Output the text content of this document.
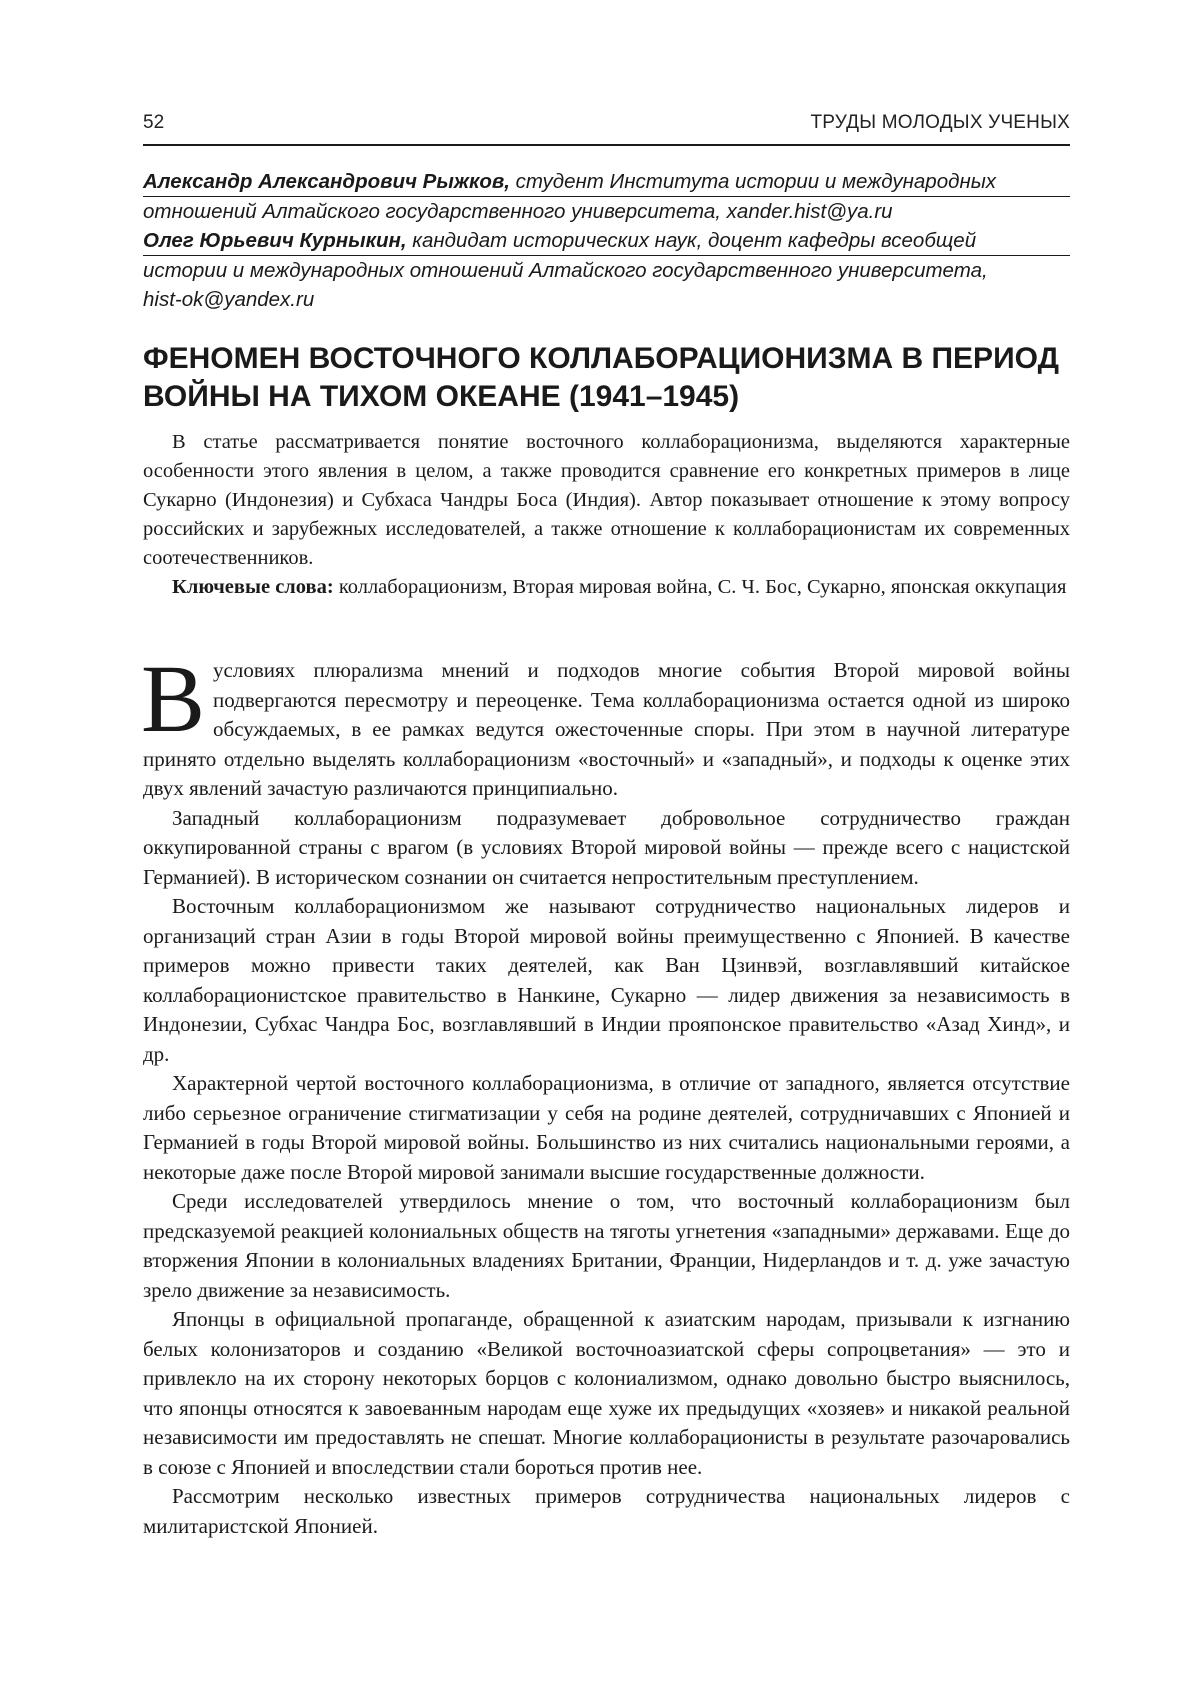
52	ТРУДЫ МОЛОДЫХ УЧЕНЫХ
Александр Александрович Рыжков, студент Института истории и международных
отношений Алтайского государственного университета, xander.hist@ya.ru
Олег Юрьевич Курныкин, кандидат исторических наук, доцент кафедры всеобщей
истории и международных отношений Алтайского государственного университета,
hist-ok@yandex.ru
ФЕНОМЕН ВОСТОЧНОГО КОЛЛАБОРАЦИОНИЗМА В ПЕРИОД
ВОЙНЫ НА ТИХОМ ОКЕАНЕ (1941–1945)

В статье рассматривается понятие восточного коллаборационизма, выделяются характерные особенности этого явления в целом, а также проводится сравнение его конкретных примеров в лице Сукарно (Индонезия) и Субхаса Чандры Боса (Индия). Автор показывает отношение к этому вопросу российских и зарубежных исследователей, а также отношение к коллаборационистам их современных соотечественников.

Ключевые слова: коллаборационизм, Вторая мировая война, С. Ч. Бос, Сукарно, японская оккупация

Вусловиях плюрализма мнений и подходов многие события Второй мировой войны подвергаются пересмотру и переоценке. Тема коллаборационизма остается одной из широко обсуждаемых, в ее рамках ведутся ожесточенные споры. При этом в научной литературе принято отдельно выделять коллаборационизм «восточный» и «западный», и подходы к оценке этих двух явлений зачастую различаются принципиально.

Западный коллаборационизм подразумевает добровольное сотрудничество граждан оккупированной страны с врагом (в условиях Второй мировой войны — прежде всего с нацистской Германией). В историческом сознании он считается непростительным преступлением.

Восточным коллаборационизмом же называют сотрудничество национальных лидеров и организаций стран Азии в годы Второй мировой войны преимущественно с Японией. В качестве примеров можно привести таких деятелей, как Ван Цзинвэй, возглавлявший китайское коллаборационистское правительство в Нанкине, Сукарно — лидер движения за независимость в Индонезии, Субхас Чандра Бос, возглавлявший в Индии прояпонское правительство «Азад Хинд», и др.

Характерной чертой восточного коллаборационизма, в отличие от западного, является отсутствие либо серьезное ограничение стигматизации у себя на родине деятелей, сотрудничавших с Японией и Германией в годы Второй мировой войны. Большинство из них считались национальными героями, а некоторые даже после Второй мировой занимали высшие государственные должности.

Среди исследователей утвердилось мнение о том, что восточный коллаборационизм был предсказуемой реакцией колониальных обществ на тяготы угнетения «западными» державами. Еще до вторжения Японии в колониальных владениях Британии, Франции, Нидерландов и т. д. уже зачастую зрело движение за независимость.

Японцы в официальной пропаганде, обращенной к азиатским народам, призывали к изгнанию белых колонизаторов и созданию «Великой восточноазиатской сферы сопроцветания» — это и привлекло на их сторону некоторых борцов с колониализмом, однако довольно быстро выяснилось, что японцы относятся к завоеванным народам еще хуже их предыдущих «хозяев» и никакой реальной независимости им предоставлять не спешат. Многие коллаборационисты в результате разочаровались в союзе с Японией и впоследствии стали бороться против нее.

Рассмотрим несколько известных примеров сотрудничества национальных лидеров с милитаристской Японией.
